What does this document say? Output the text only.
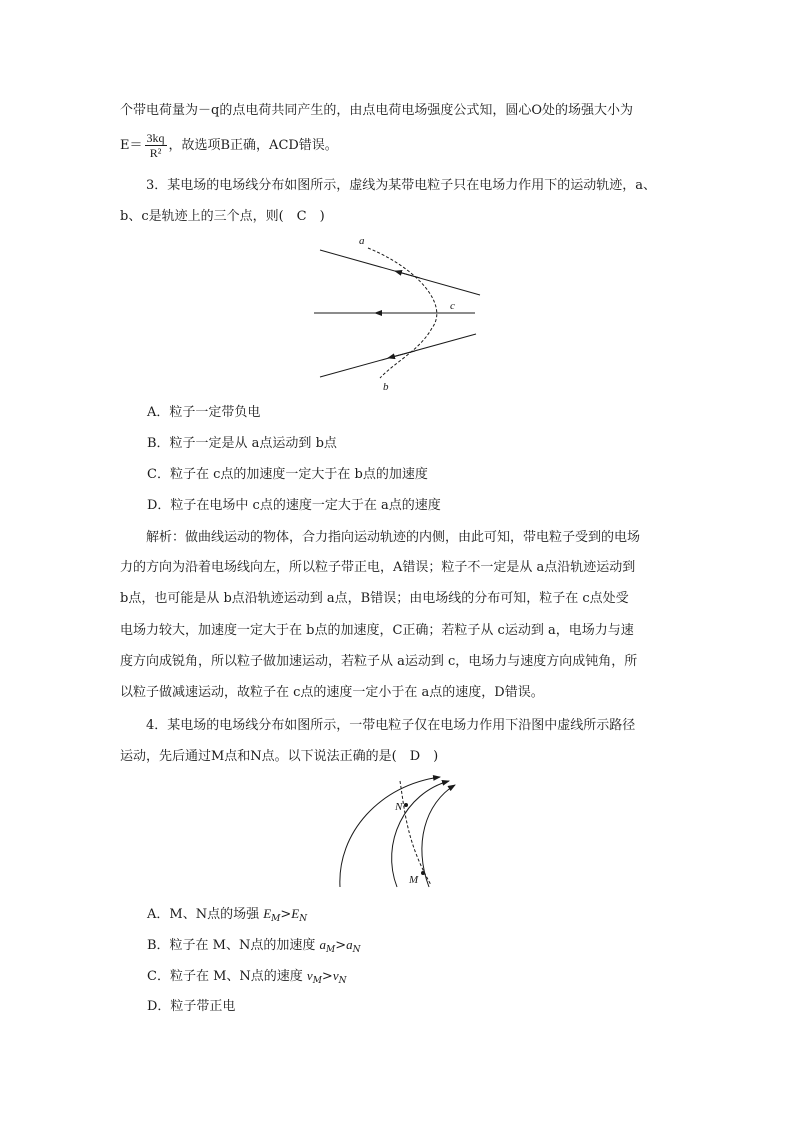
个带电荷量为－q的点电荷共同产生的，由点电荷电场强度公式知，圆心O处的场强大小为
$E= \frac{3kq}{\text{R²}}$ ，故选项B正确，ACD错误。
3．某电场的电场线分布如图所示，虚线为某带电粒子只在电场力作用下的运动轨迹，a、
b、c是轨迹上的三个点，则(　C　)
a
c
b
A．粒子一定带负电
B．粒子一定是从 a点运动到 b点
C．粒子在 c点的加速度一定大于在 b点的加速度
D．粒子在电场中 c点的速度一定大于在 a点的速度
解析：做曲线运动的物体，合力指向运动轨迹的内侧，由此可知，带电粒子受到的电场
力的方向为沿着电场线向左，所以粒子带正电，A错误；粒子不一定是从 a点沿轨迹运动到
b点，也可能是从 b点沿轨迹运动到 a点，B错误；由电场线的分布可知，粒子在 c点处受
电场力较大，加速度一定大于在 b点的加速度，C正确；若粒子从 c运动到 a，电场力与速
度方向成锐角，所以粒子做加速运动，若粒子从 a运动到 c，电场力与速度方向成钝角，所
以粒子做减速运动，故粒子在 c点的速度一定小于在 a点的速度，D错误。
4．某电场的电场线分布如图所示，一带电粒子仅在电场力作用下沿图中虚线所示路径
运动，先后通过M点和N点。以下说法正确的是(　D　)
N
M
A．M、N点的场强 $E_M>E_N$
B．粒子在 M、N点的加速度 $a_M>a_N$
C．粒子在 M、N点的速度 $v_M>v_N$
D．粒子带正电
